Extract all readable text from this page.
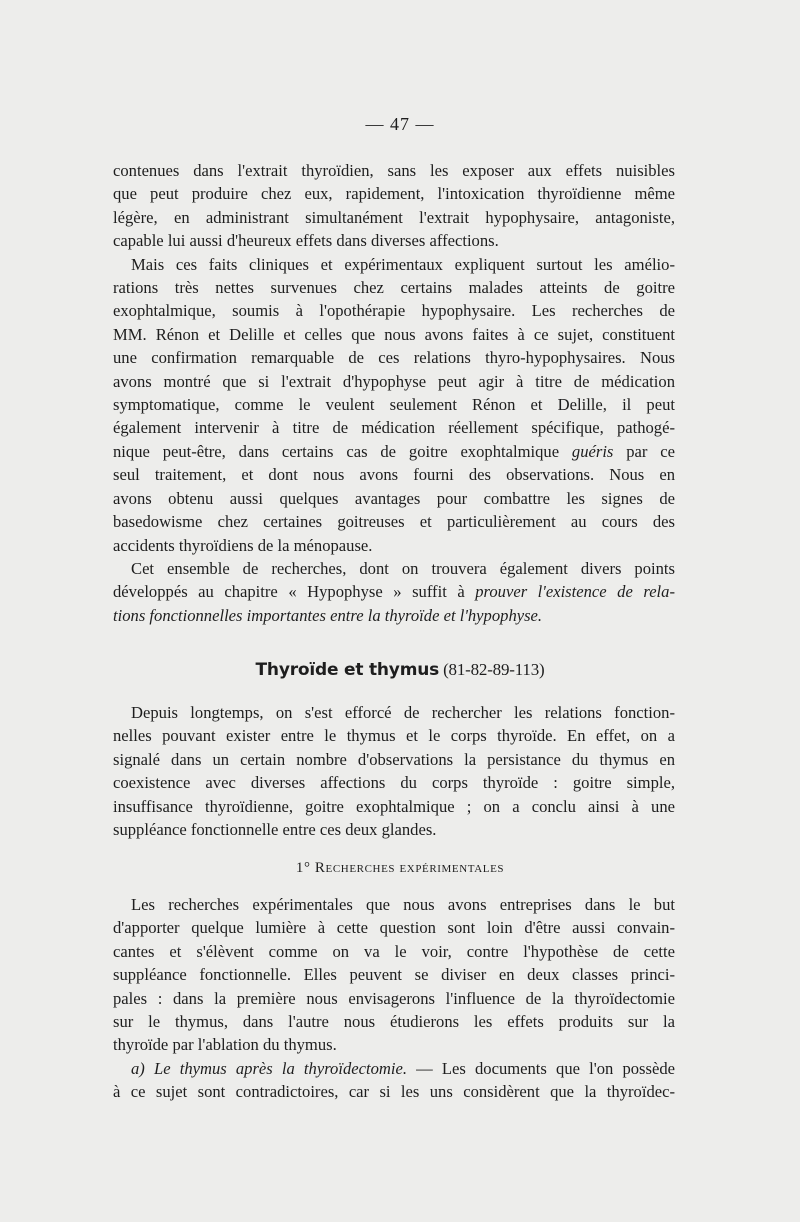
— 47 —

contenues dans l'extrait thyroïdien, sans les exposer aux effets nuisibles
que peut produire chez eux, rapidement, l'intoxication thyroïdienne même
légère, en administrant simultanément l'extrait hypophysaire, antagoniste,
capable lui aussi d'heureux effets dans diverses affections.

Mais ces faits cliniques et expérimentaux expliquent surtout les amélio-
rations très nettes survenues chez certains malades atteints de goitre
exophtalmique, soumis à l'opothérapie hypophysaire. Les recherches de
MM. Rénon et Delille et celles que nous avons faites à ce sujet, constituent
une confirmation remarquable de ces relations thyro-hypophysaires. Nous
avons montré que si l'extrait d'hypophyse peut agir à titre de médication
symptomatique, comme le veulent seulement Rénon et Delille, il peut
également intervenir à titre de médication réellement spécifique, pathogé-
nique peut-être, dans certains cas de goitre exophtalmique guéris par ce
seul traitement, et dont nous avons fourni des observations. Nous en
avons obtenu aussi quelques avantages pour combattre les signes de
basedowisme chez certaines goitreuses et particulièrement au cours des
accidents thyroïdiens de la ménopause.

Cet ensemble de recherches, dont on trouvera également divers points
développés au chapitre « Hypophyse » suffit à prouver l'existence de rela-
tions fonctionnelles importantes entre la thyroïde et l'hypophyse.

Thyroïde et thymus (81-82-89-113)

Depuis longtemps, on s'est efforcé de rechercher les relations fonction-
nelles pouvant exister entre le thymus et le corps thyroïde. En effet, on a
signalé dans un certain nombre d'observations la persistance du thymus en
coexistence avec diverses affections du corps thyroïde : goitre simple,
insuffisance thyroïdienne, goitre exophtalmique ; on a conclu ainsi à une
suppléance fonctionnelle entre ces deux glandes.

1° Recherches expérimentales

Les recherches expérimentales que nous avons entreprises dans le but
d'apporter quelque lumière à cette question sont loin d'être aussi convain-
cantes et s'élèvent comme on va le voir, contre l'hypothèse de cette
suppléance fonctionnelle. Elles peuvent se diviser en deux classes princi-
pales : dans la première nous envisagerons l'influence de la thyroïdectomie
sur le thymus, dans l'autre nous étudierons les effets produits sur la
thyroïde par l'ablation du thymus.

a) Le thymus après la thyroïdectomie. — Les documents que l'on possède
à ce sujet sont contradictoires, car si les uns considèrent que la thyroïdec-
